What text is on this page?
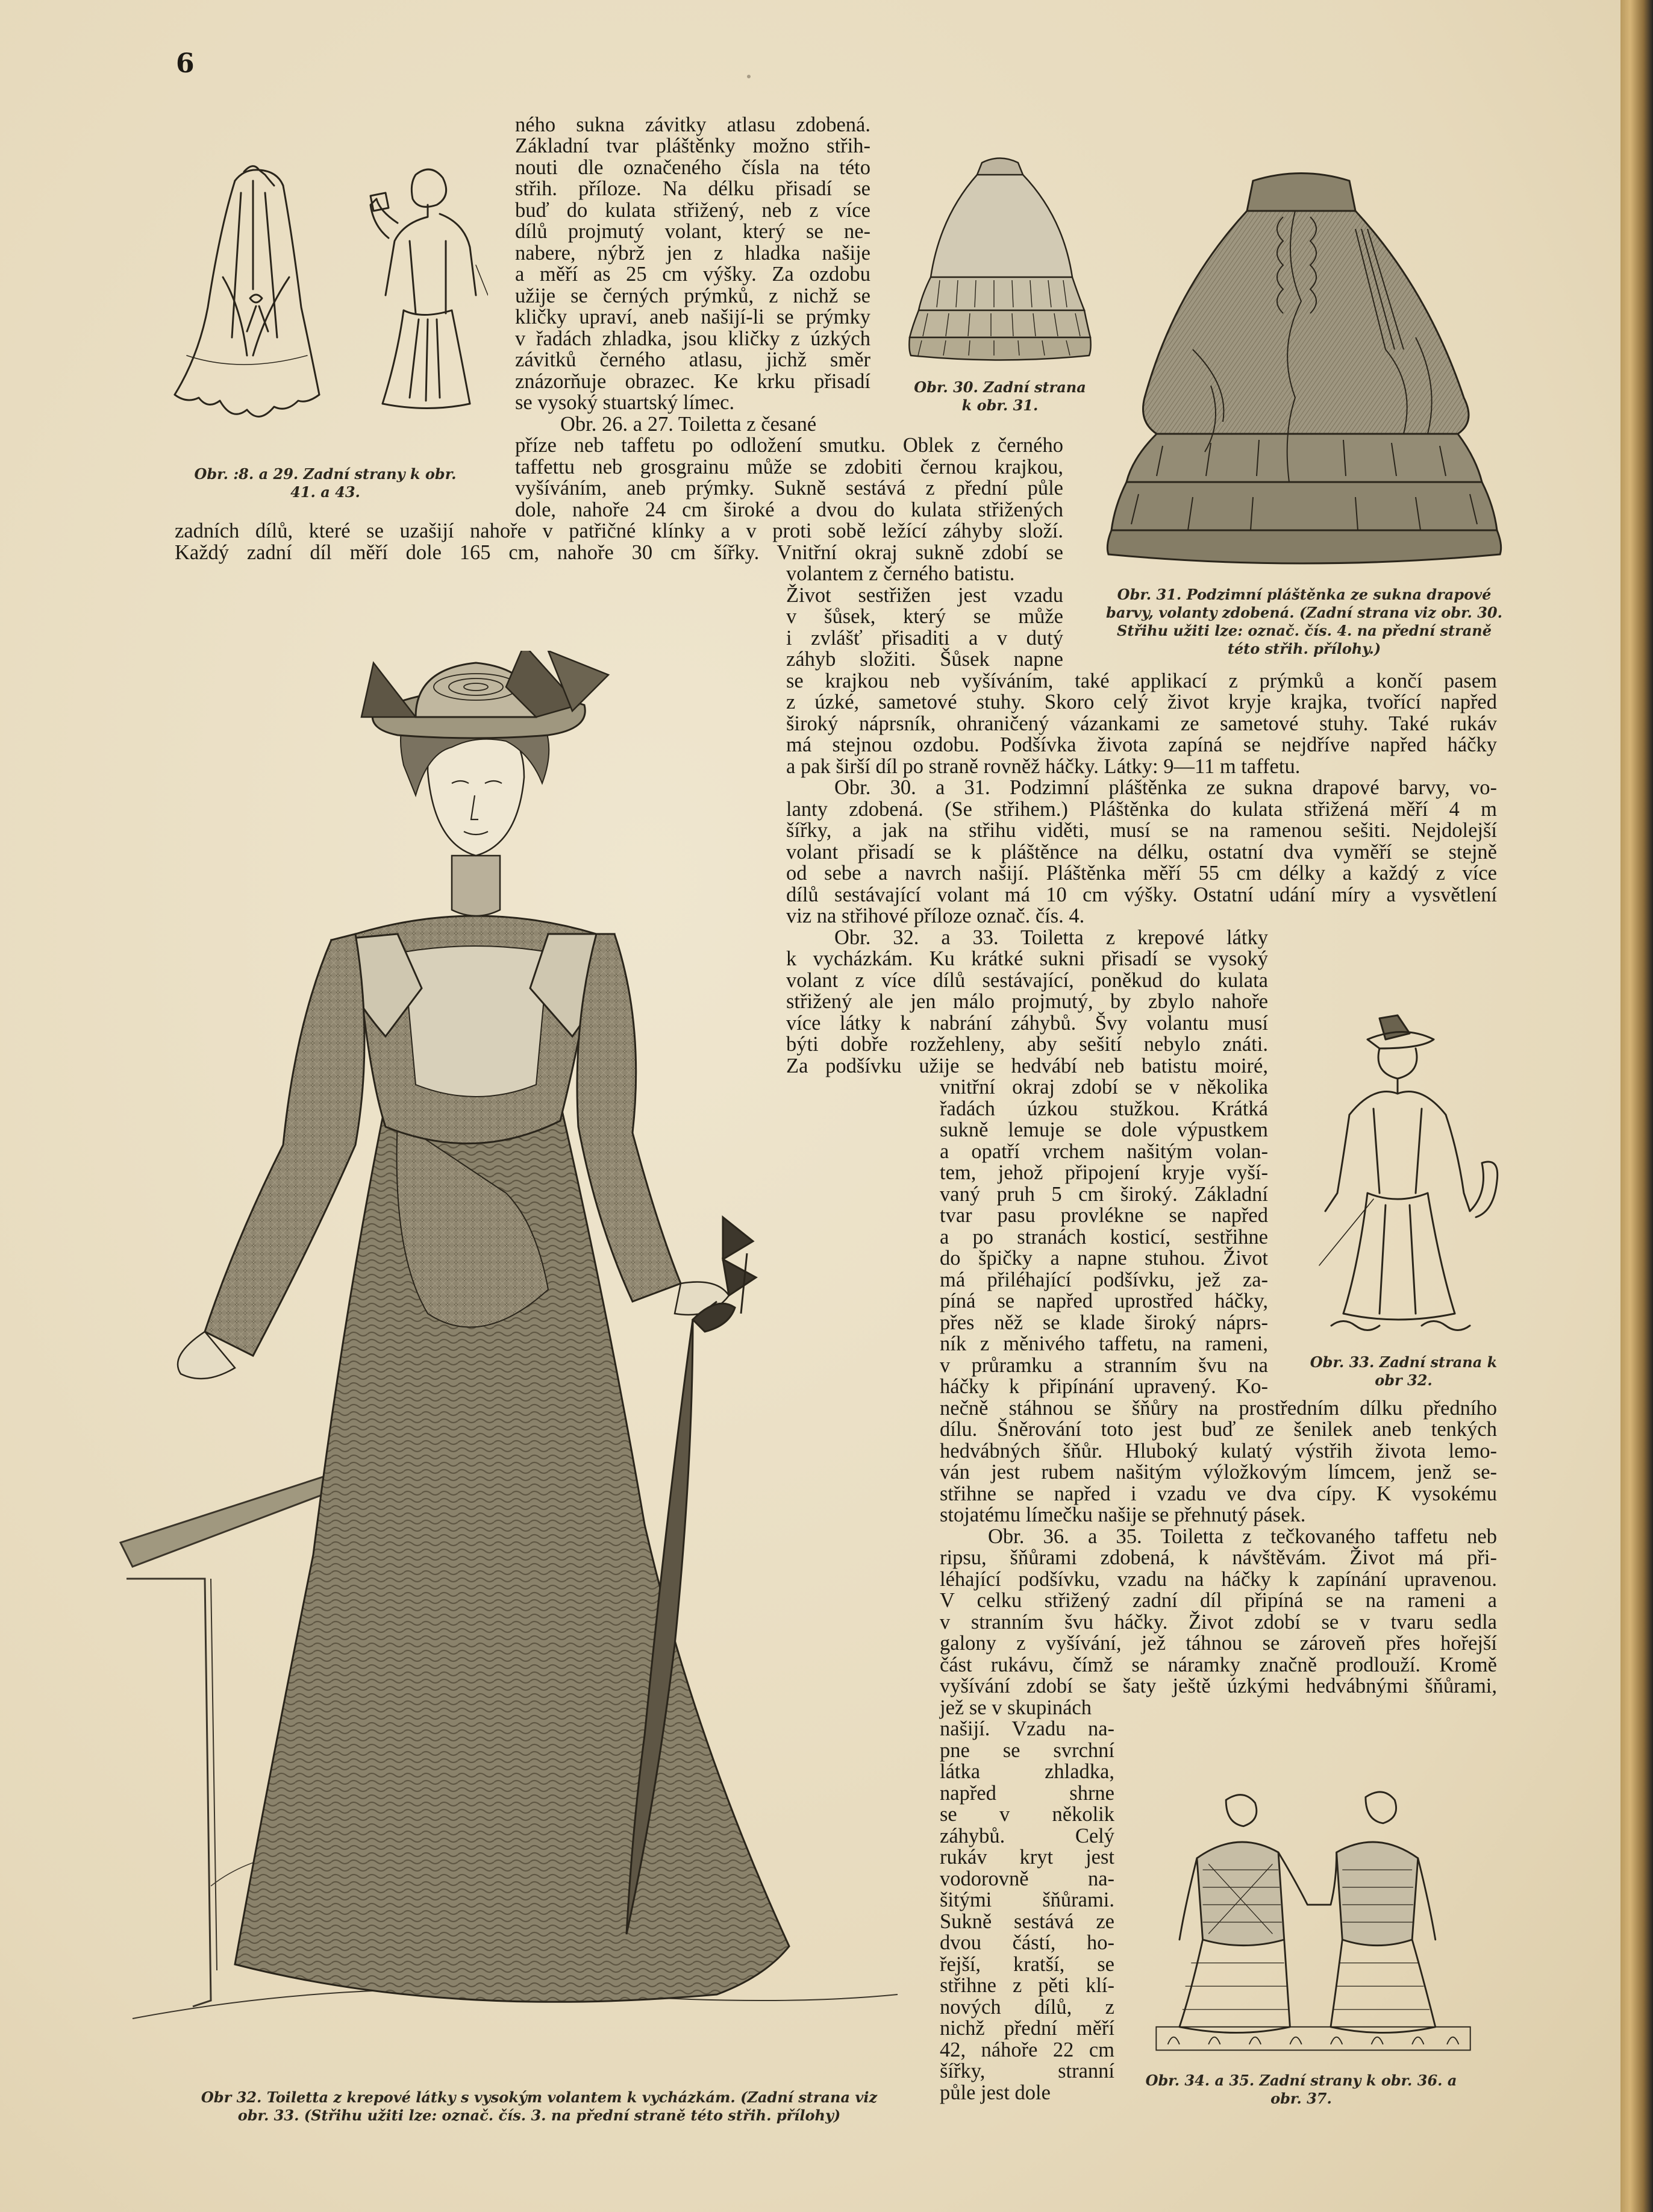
6
Obr. :8. a 29. Zadní strany k obr. 41. a 43.
Obr. 30. Zadní strana k obr. 31.
Obr. 31. Podzimní pláštěnka ze sukna drapové barvy, volanty zdobená. (Zadní strana viz obr. 30. Střihu užiti lze: označ. čís. 4. na přední straně této střih. přílohy.)
Obr 32. Toiletta z krepové látky s vysokým volantem k vycházkám. (Zadní strana viz obr. 33. (Střihu užiti lze: označ. čís. 3. na přední straně této střih. přílohy)
Obr. 33. Zadní strana k obr 32.
Obr. 34. a 35. Zadní strany k obr. 36. a obr. 37.

ného sukna závitky atlasu zdobená.

Základní tvar pláštěnky možno střih-

nouti dle označeného čísla na této

střih. příloze. Na délku přisadí se

buď do kulata střižený, neb z více

dílů projmutý volant, který se ne-

nabere, nýbrž jen z hladka našije

a měří as 25 cm výšky. Za ozdobu

užije se černých prýmků, z nichž se

kličky upraví, aneb našijí-li se prýmky

v řadách zhladka, jsou kličky z úzkých

závitků černého atlasu, jichž směr

znázorňuje obrazec. Ke krku přisadí

se vysoký stuartský límec.

Obr. 26. a 27. Toiletta z česané

příze neb taffetu po odložení smutku. Oblek z černého

taffettu neb grosgrainu může se zdobiti černou krajkou,

vyšíváním, aneb prýmky. Sukně sestává z přední půle

dole, nahoře 24 cm široké a dvou do kulata střižených

zadních dílů, které se uzašijí nahoře v patřičné klínky a v proti sobě ležící záhyby složí.

Každý zadní díl měří dole 165 cm, nahoře 30 cm šířky. Vnitřní okraj sukně zdobí se

volantem z černého batistu.

Život sestřižen jest vzadu

v šůsek, který se může

i zvlášť přisaditi a v dutý

záhyb složiti. Šůsek napne

se krajkou neb vyšíváním, také applikací z prýmků a končí pasem

z úzké, sametové stuhy. Skoro celý život kryje krajka, tvořící napřed

široký náprsník, ohraničený vázankami ze sametové stuhy. Také rukáv

má stejnou ozdobu. Podšívka života zapíná se nejdříve napřed háčky

a pak širší díl po straně rovněž háčky. Látky: 9—11 m taffetu.

Obr. 30. a 31. Podzimní pláštěnka ze sukna drapové barvy, vo-

lanty zdobená. (Se střihem.) Pláštěnka do kulata střižená měří 4 m

šířky, a jak na střihu viděti, musí se na ramenou sešiti. Nejdolejší

volant přisadí se k pláštěnce na délku, ostatní dva vyměří se stejně

od sebe a navrch našijí. Pláštěnka měří 55 cm délky a každý z více

dílů sestávající volant má 10 cm výšky. Ostatní udání míry a vysvětlení

viz na střihové příloze označ. čís. 4.

Obr. 32. a 33. Toiletta z krepové látky

k vycházkám. Ku krátké sukni přisadí se vysoký

volant z více dílů sestávající, poněkud do kulata

střižený ale jen málo projmutý, by zbylo nahoře

více látky k nabrání záhybů. Švy volantu musí

býti dobře rozžehleny, aby sešití nebylo znáti.

Za podšívku užije se hedvábí neb batistu moiré,

vnitřní okraj zdobí se v několika

řadách úzkou stužkou. Krátká

sukně lemuje se dole výpustkem

a opatří vrchem našitým volan-

tem, jehož připojení kryje vyší-

vaný pruh 5 cm široký. Základní

tvar pasu provlékne se napřed

a po stranách kosticí, sestřihne

do špičky a napne stuhou. Život

má přiléhající podšívku, jež za-

píná se napřed uprostřed háčky,

přes něž se klade široký náprs-

ník z měnivého taffetu, na rameni,

v průramku a stranním švu na

háčky k připínání upravený. Ko-

nečně stáhnou se šňůry na prostředním dílku předního

dílu. Šněrování toto jest buď ze šenilek aneb tenkých

hedvábných šňůr. Hluboký kulatý výstřih života lemo-

ván jest rubem našitým výložkovým límcem, jenž se-

střihne se napřed i vzadu ve dva cípy. K vysokému

stojatému límečku našije se přehnutý pásek.

Obr. 36. a 35. Toiletta z tečkovaného taffetu neb

ripsu, šňůrami zdobená, k návštěvám. Život má při-

léhající podšívku, vzadu na háčky k zapínání upravenou.

V celku střižený zadní díl připíná se na rameni a

v stranním švu háčky. Život zdobí se v tvaru sedla

galony z vyšívání, jež táhnou se zároveň přes hořejší

část rukávu, čímž se náramky značně prodlouží. Kromě

vyšívání zdobí se šaty ještě úzkými hedvábnými šňůrami,

jež se v skupinách

našijí. Vzadu na-

pne se svrchní

látka zhladka,

napřed shrne

se v několik

záhybů. Celý

rukáv kryt jest

vodorovně na-

šitými šňůrami.

Sukně sestává ze

dvou částí, ho-

řejší, kratší, se

střihne z pěti klí-

nových dílů, z

nichž přední měří

42, náhoře 22 cm

šířky, stranní

půle jest dole
